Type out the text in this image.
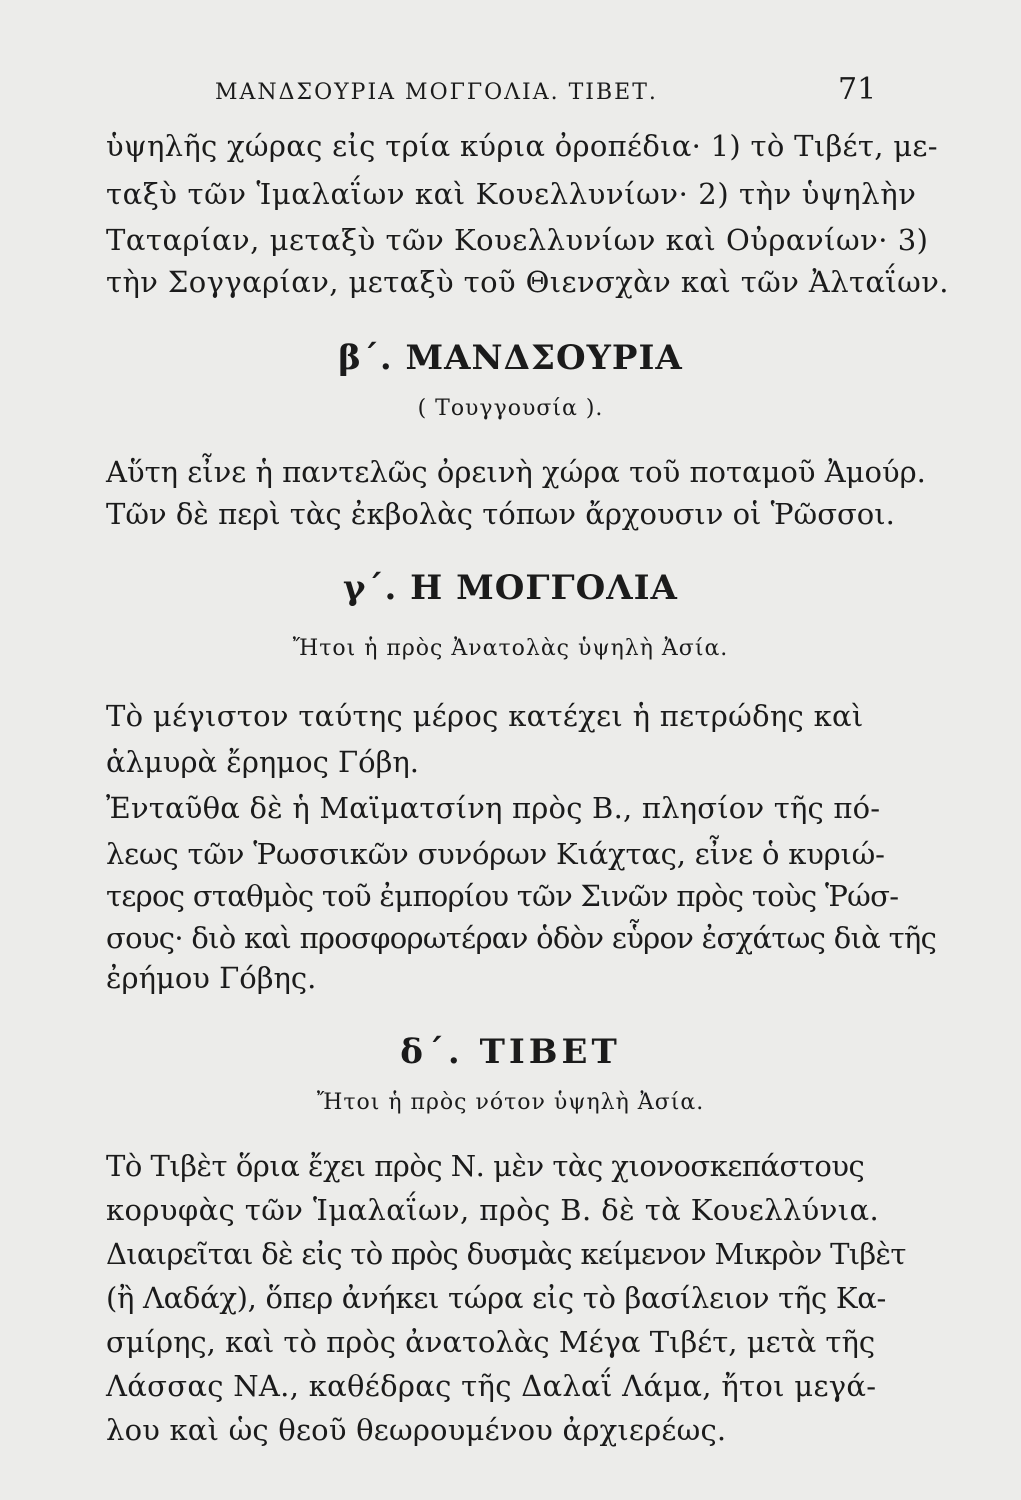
ΜΑΝΔΣΟΥΡΙΑ ΜΟΓΓΟΛΙΑ. ΤΙΒΕΤ.	71
ὑψηλῆς χώρας εἰς τρία κύρια ὀροπέδια· 1) τὸ Τιβέτ, με-
ταξὺ τῶν Ἱμαλαΐων καὶ Κουελλυνίων· 2) τὴν ὑψηλὴν
Ταταρίαν, μεταξὺ τῶν Κουελλυνίων καὶ Οὐρανίων· 3)
τὴν Σογγαρίαν, μεταξὺ τοῦ Θιενσχὰν καὶ τῶν Ἀλταΐων.
β΄. ΜΑΝΔΣΟΥΡΙΑ
( Τουγγουσία ).
Αὕτη εἶνε ἡ παντελῶς ὀρεινὴ χώρα τοῦ ποταμοῦ Ἀμούρ.
Τῶν δὲ περὶ τὰς ἐκβολὰς τόπων ἄρχουσιν οἱ Ῥῶσσοι.
γ΄. Η ΜΟΓΓΟΛΙΑ
Ἤτοι ἡ πρὸς Ἀνατολὰς ὑψηλὴ Ἀσία.
Τὸ μέγιστον ταύτης μέρος κατέχει ἡ πετρώδης καὶ
ἁλμυρὰ ἔρημος Γόβη.
Ἐνταῦθα δὲ ἡ Μαϊματσίνη πρὸς Β., πλησίον τῆς πό-
λεως τῶν Ῥωσσικῶν συνόρων Κιάχτας, εἶνε ὁ κυριώ-
τερος σταθμὸς τοῦ ἐμπορίου τῶν Σινῶν πρὸς τοὺς Ῥώσ-
σους· διὸ καὶ προσφορωτέραν ὁδὸν εὗρον ἐσχάτως διὰ τῆς
ἐρήμου Γόβης.
δ΄. ΤΙΒΕΤ
Ἤτοι ἡ πρὸς νότον ὑψηλὴ Ἀσία.
Τὸ Τιβὲτ ὅρια ἔχει πρὸς Ν. μὲν τὰς χιονοσκεπάστους
κορυφὰς τῶν Ἱμαλαΐων, πρὸς Β. δὲ τὰ Κουελλύνια.
Διαιρεῖται δὲ εἰς τὸ πρὸς δυσμὰς κείμενον Μικρὸν Τιβὲτ
(ἢ Λαδάχ), ὅπερ ἀνήκει τώρα εἰς τὸ βασίλειον τῆς Κα-
σμίρης, καὶ τὸ πρὸς ἀνατολὰς Μέγα Τιβέτ, μετὰ τῆς
Λάσσας ΝΑ., καθέδρας τῆς Δαλαΐ Λάμα, ἤτοι μεγά-
λου καὶ ὡς θεοῦ θεωρουμένου ἀρχιερέως.
